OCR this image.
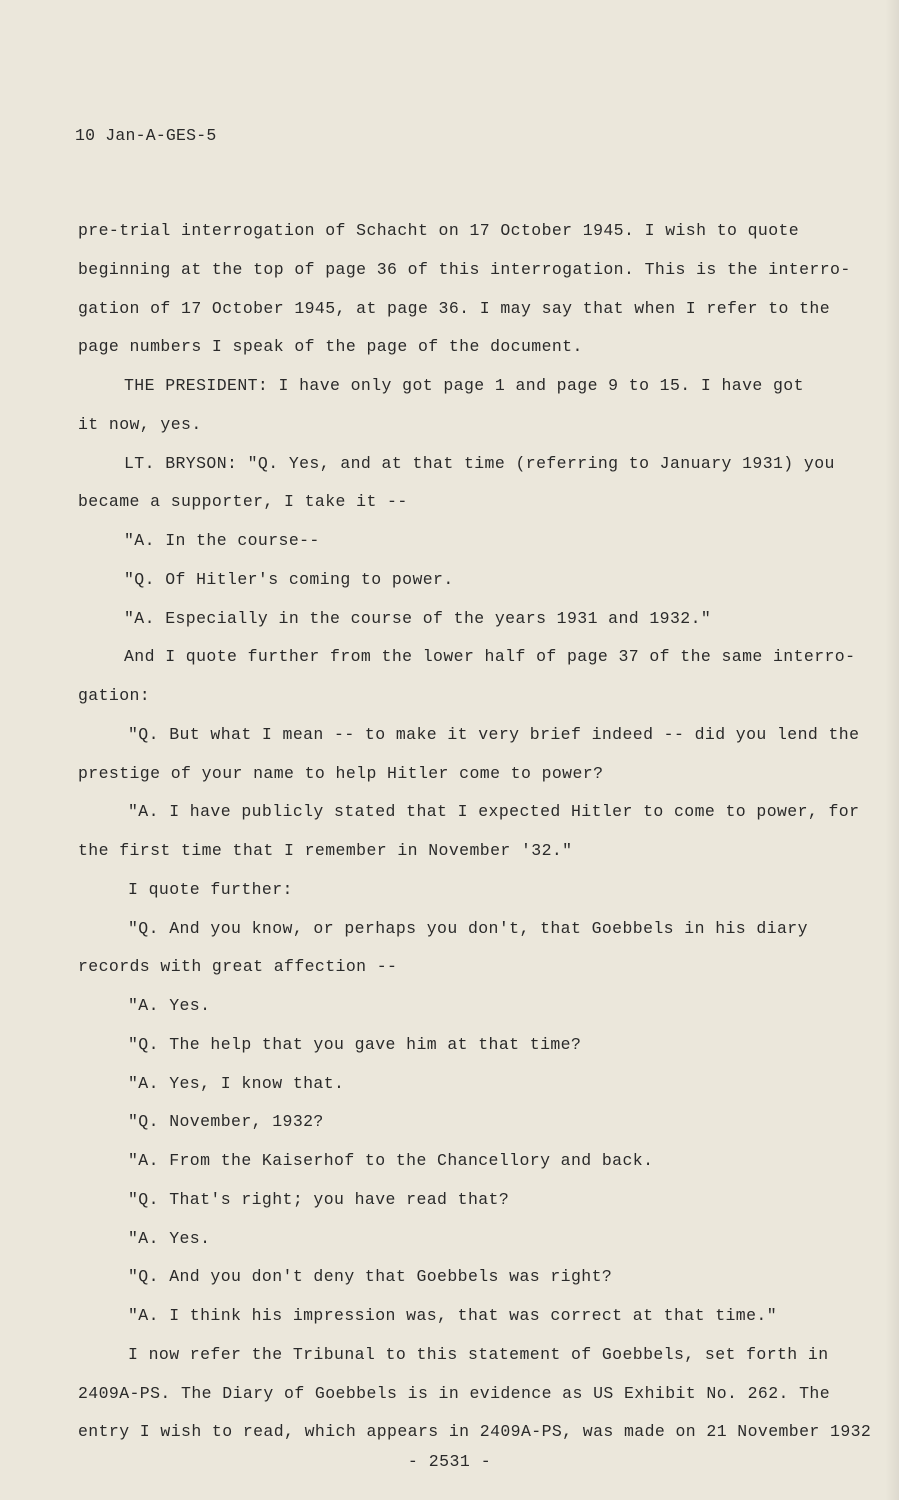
10 Jan-A-GES-5
pre-trial interrogation of Schacht on 17 October 1945. I wish to quote
beginning at the top of page 36 of this interrogation. This is the interro-
gation of 17 October 1945, at page 36. I may say that when I refer to the
page numbers I speak of the page of the document.
THE PRESIDENT: I have only got page 1 and page 9 to 15. I have got
it now, yes.
LT. BRYSON: "Q. Yes, and at that time (referring to January 1931) you
became a supporter, I take it --
"A. In the course--
"Q. Of Hitler's coming to power.
"A. Especially in the course of the years 1931 and 1932."
And I quote further from the lower half of page 37 of the same interro-
gation:
"Q. But what I mean -- to make it very brief indeed -- did you lend the
prestige of your name to help Hitler come to power?
"A. I have publicly stated that I expected Hitler to come to power, for
the first time that I remember in November '32."
I quote further:
"Q. And you know, or perhaps you don't, that Goebbels in his diary
records with great affection --
"A. Yes.
"Q. The help that you gave him at that time?
"A. Yes, I know that.
"Q. November, 1932?
"A. From the Kaiserhof to the Chancellory and back.
"Q. That's right; you have read that?
"A. Yes.
"Q. And you don't deny that Goebbels was right?
"A. I think his impression was, that was correct at that time."
I now refer the Tribunal to this statement of Goebbels, set forth in
2409A-PS. The Diary of Goebbels is in evidence as US Exhibit No. 262. The
entry I wish to read, which appears in 2409A-PS, was made on 21 November 1932
- 2531 -
